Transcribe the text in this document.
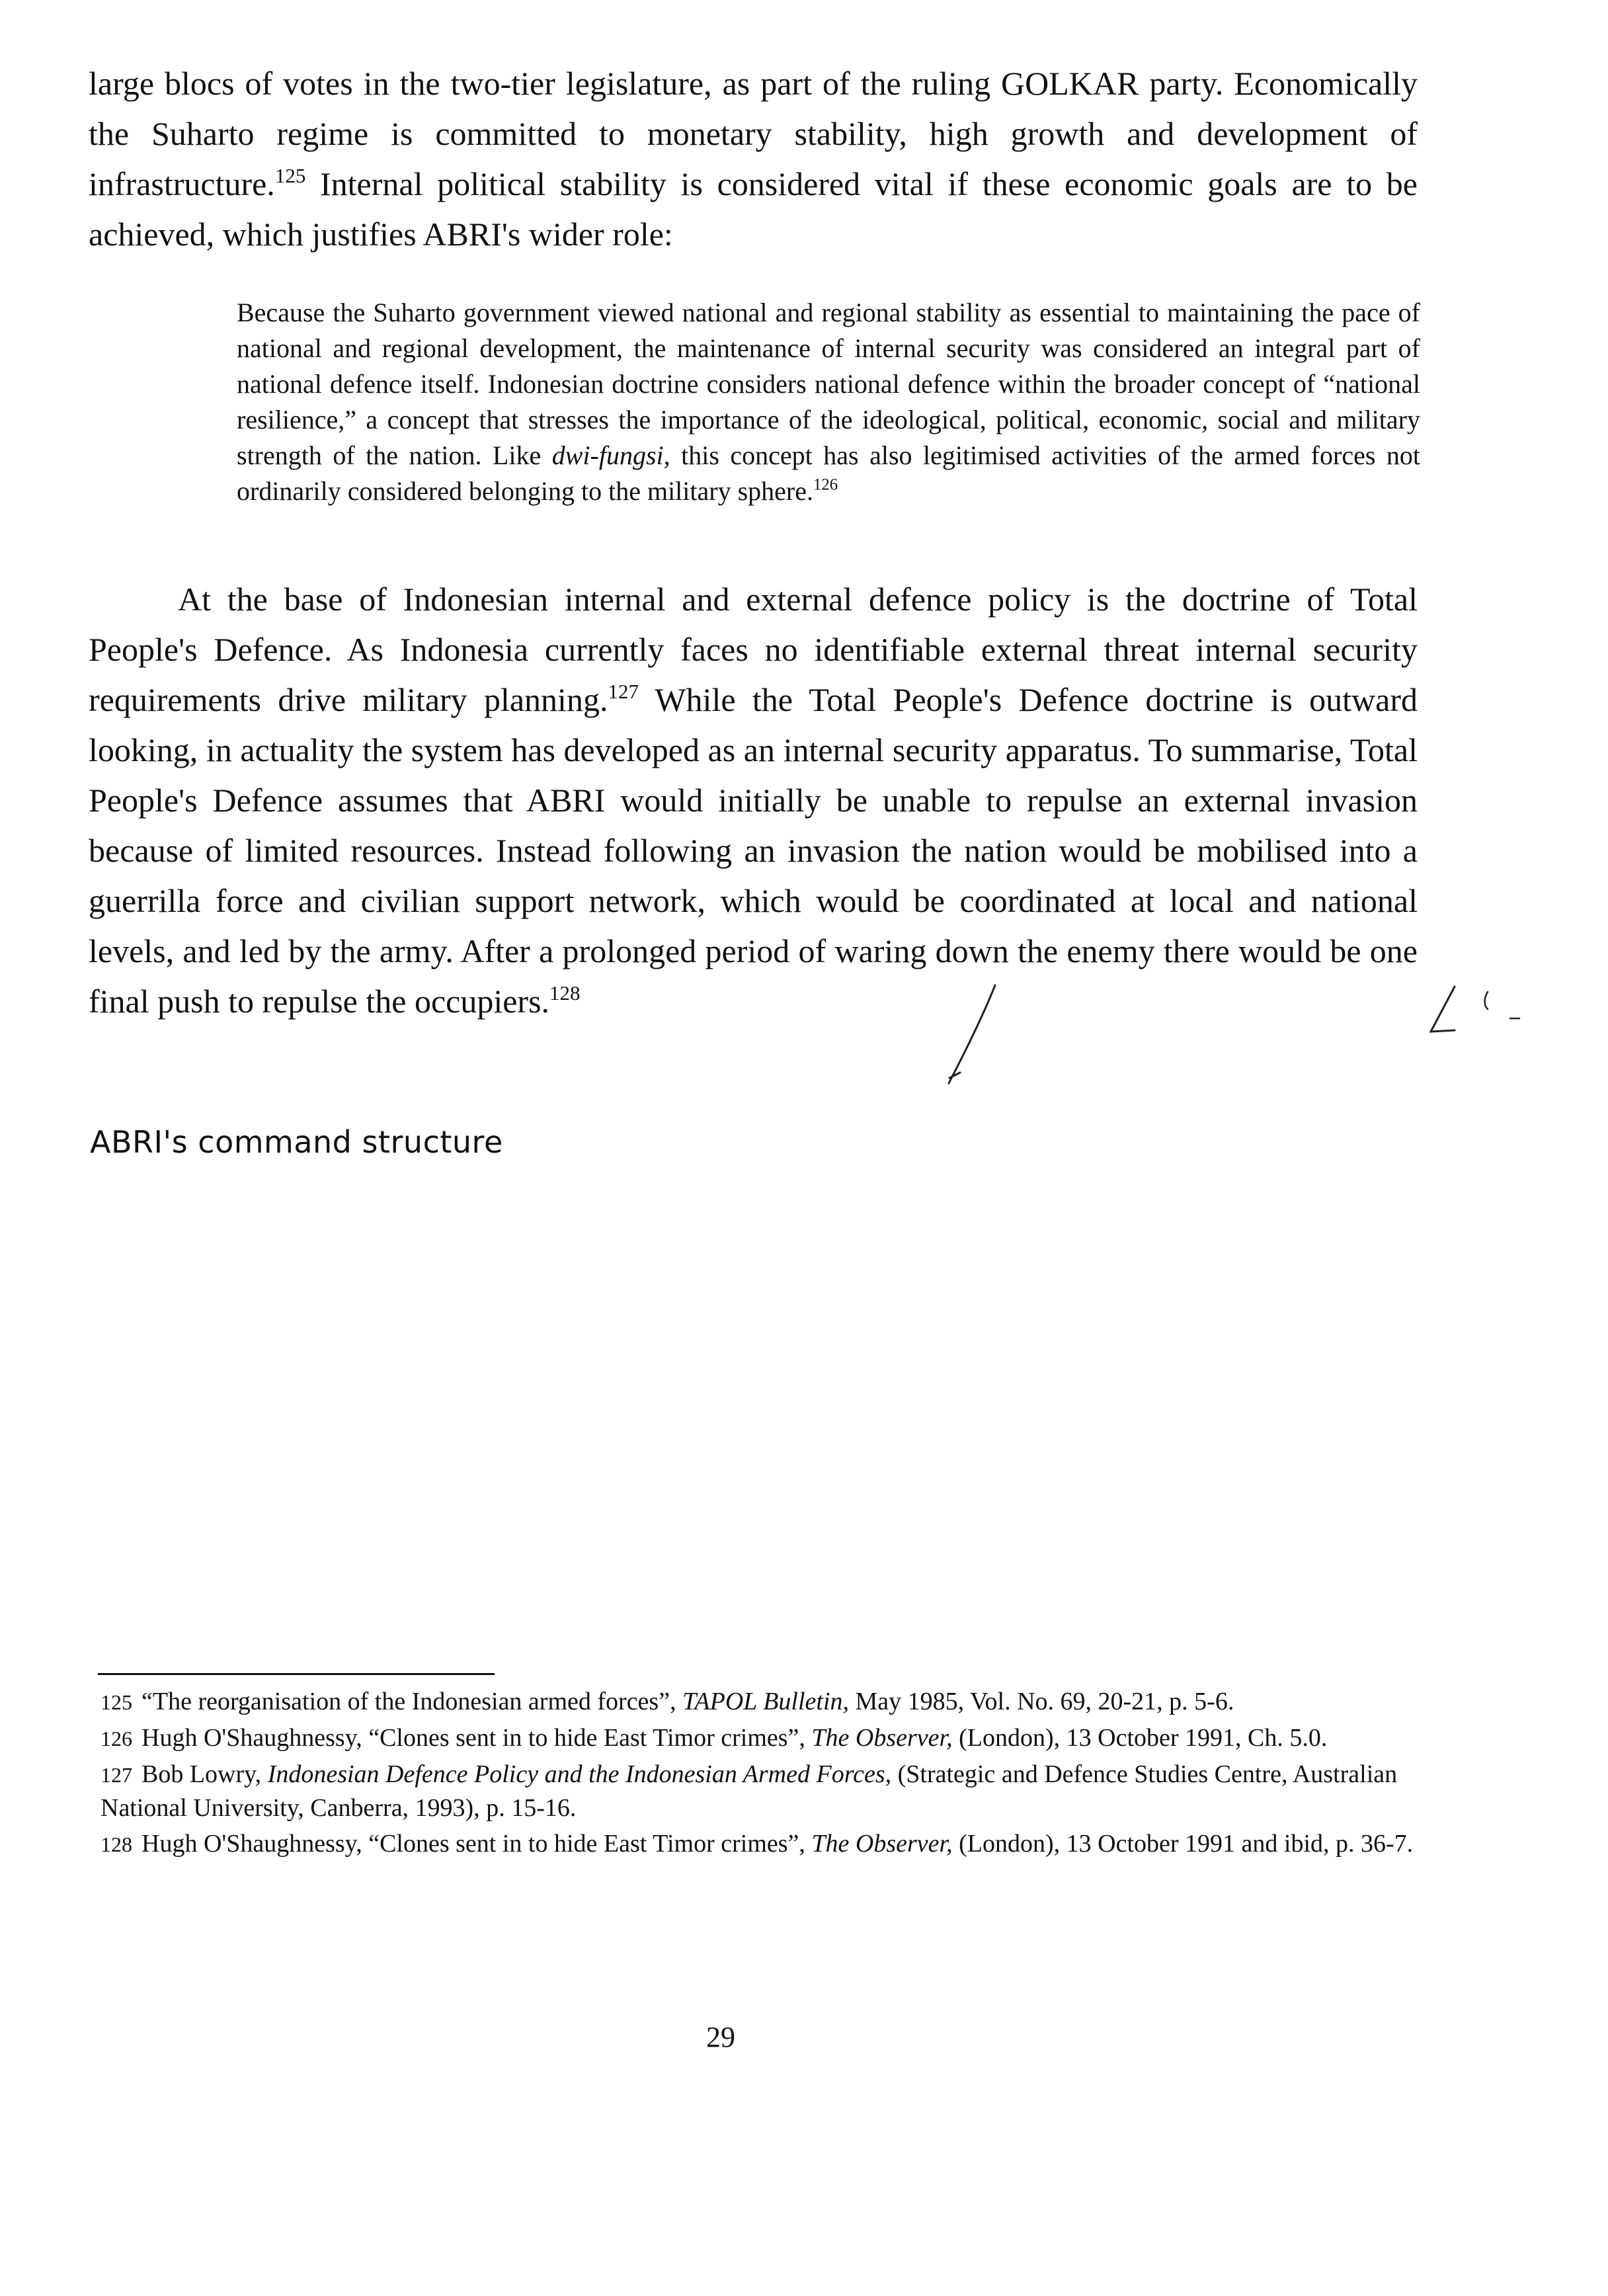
large blocs of votes in the two-tier legislature, as part of the ruling GOLKAR party. Economically the Suharto regime is committed to monetary stability, high growth and development of infrastructure.$^{125}$ Internal political stability is considered vital if these economic goals are to be achieved, which justifies ABRI's wider role:

Because the Suharto government viewed national and regional stability as essential to maintaining the pace of national and regional development, the maintenance of internal security was considered an integral part of national defence itself. Indonesian doctrine considers national defence within the broader concept of “national resilience,” a concept that stresses the importance of the ideological, political, economic, social and military strength of the nation. Like dwi-fungsi, this concept has also legitimised activities of the armed forces not ordinarily considered belonging to the military sphere.$^{126}$

At the base of Indonesian internal and external defence policy is the doctrine of Total People's Defence. As Indonesia currently faces no identifiable external threat internal security requirements drive military planning.$^{127}$ While the Total People's Defence doctrine is outward looking, in actuality the system has developed as an internal security apparatus. To summarise, Total People's Defence assumes that ABRI would initially be unable to repulse an external invasion because of limited resources. Instead following an invasion the nation would be mobilised into a guerrilla force and civilian support network, which would be coordinated at local and national levels, and led by the army. After a prolonged period of waring down the enemy there would be one final push to repulse the occupiers.$^{128}$

ABRI's command structure

125 “The reorganisation of the Indonesian armed forces”, TAPOL Bulletin, May 1985, Vol. No. 69, 20-21, p. 5-6.

126 Hugh O'Shaughnessy, “Clones sent in to hide East Timor crimes”, The Observer, (London), 13 October 1991, Ch. 5.0.

127 Bob Lowry, Indonesian Defence Policy and the Indonesian Armed Forces, (Strategic and Defence Studies Centre, Australian National University, Canberra, 1993), p. 15-16.

128 Hugh O'Shaughnessy, “Clones sent in to hide East Timor crimes”, The Observer, (London), 13 October 1991 and ibid, p. 36-7.

29
